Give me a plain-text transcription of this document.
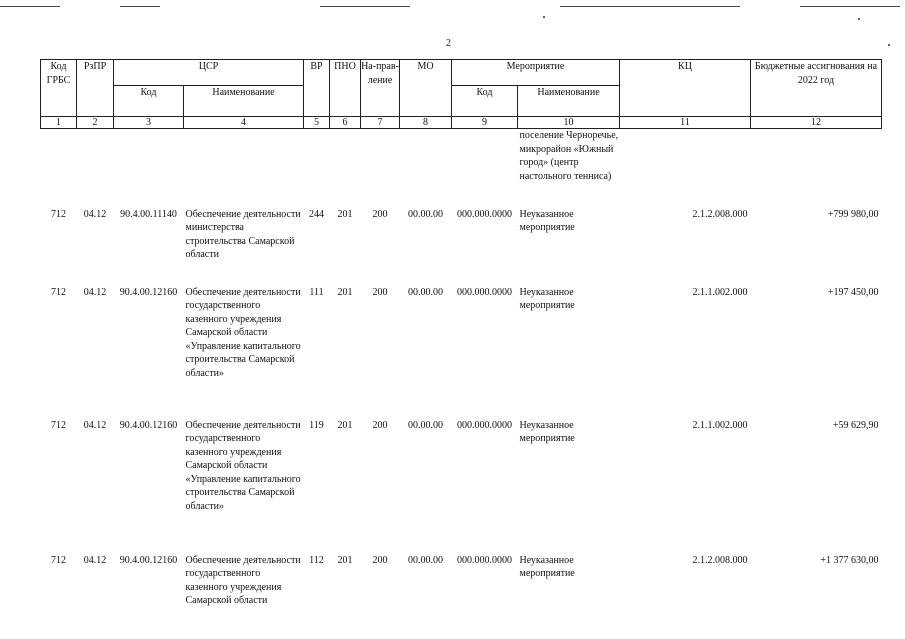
2
Код ГРБС	РзПР	ЦСР		ВР	ПНО	На-прав-ление	МО	Мероприятие		КЦ	Бюджетные ассигнования на 2022 год
		Код	Наименование					Код	Наименование		
1	2	3	4	5	6	7	8	9	10	11	12
									поселение Черноречье, микрорайон «Южный город» (центр настольного тенниса)		
712	04.12	90.4.00.11140	Обеспечение деятельности министерства строительства Самарской области	244	201	200	00.00.00	000.000.0000	Неуказанное мероприятие	2.1.2.008.000	+799 980,00
712	04.12	90.4.00.12160	Обеспечение деятельности государственного казенного учреждения Самарской области «Управление капитального строительства Самарской области»	111	201	200	00.00.00	000.000.0000	Неуказанное мероприятие	2.1.1.002.000	+197 450,00
712	04.12	90.4.00.12160	Обеспечение деятельности государственного казенного учреждения Самарской области «Управление капитального строительства Самарской области»	119	201	200	00.00.00	000.000.0000	Неуказанное мероприятие	2.1.1.002.000	+59 629,90
712	04.12	90.4.00.12160	Обеспечение деятельности государственного казенного учреждения Самарской области	112	201	200	00.00.00	000.000.0000	Неуказанное мероприятие	2.1.2.008.000	+1 377 630,00
